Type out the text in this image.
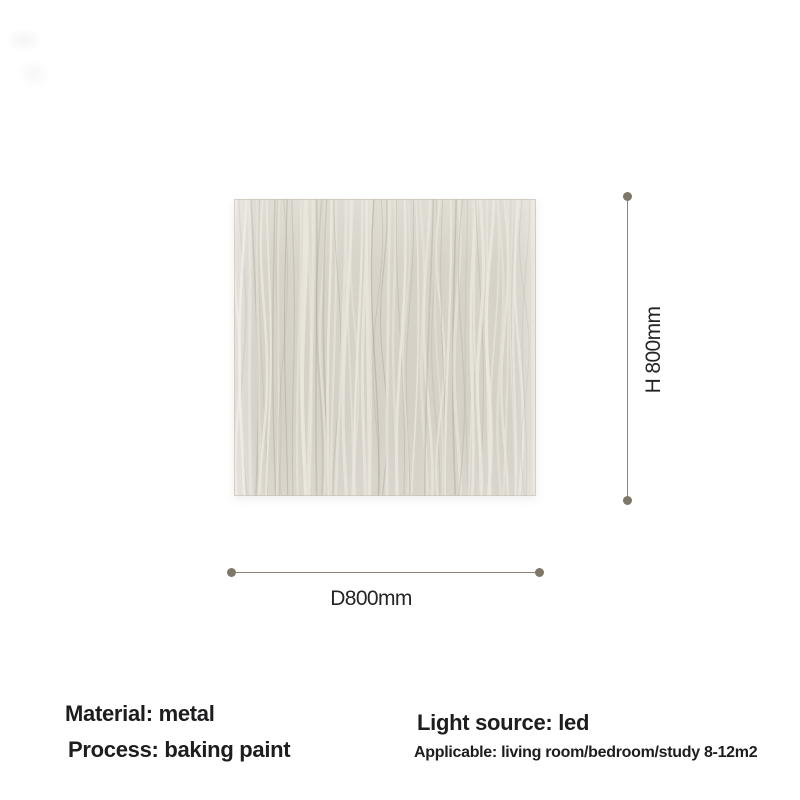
H 800mm
D800mm

Material: metal

Process: baking paint

Light source: led

Applicable: living room/bedroom/study 8-12m2
